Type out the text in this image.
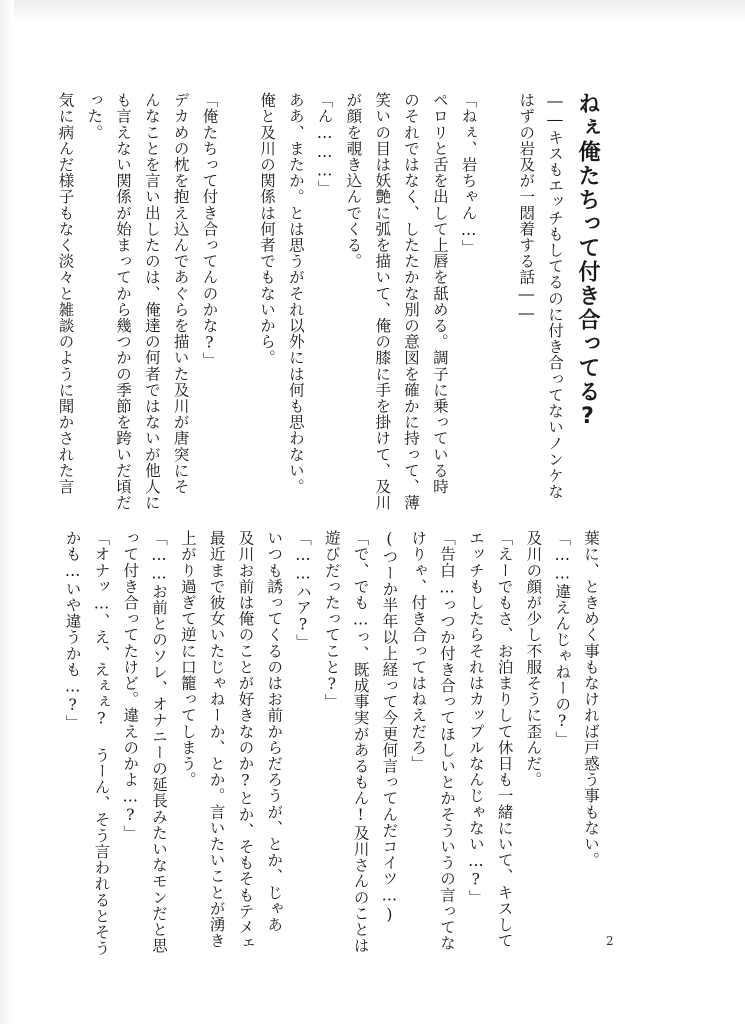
ねぇ俺たちって付き合ってる?

――キスもエッチもしてるのに付き合ってないノンケな

はずの岩及が一悶着する話――

「ねぇ、岩ちゃん…」

ペロリと舌を出して上唇を舐める。調子に乗っている時

のそれではなく、したたかな別の意図を確かに持って、薄

笑いの目は妖艶に弧を描いて、俺の膝に手を掛けて、及川

が顔を覗き込んでくる。

「ん………」

ああ、またか。とは思うがそれ以外には何も思わない。

俺と及川の関係は何者でもないから。

「俺たちって付き合ってんのかな?」

デカめの枕を抱え込んであぐらを描いた及川が唐突にそ

んなことを言い出したのは、俺達の何者ではないが他人に

も言えない関係が始まってから幾つかの季節を跨いだ頃だ

った。

気に病んだ様子もなく淡々と雑談のように聞かされた言

葉に、ときめく事もなければ戸惑う事もない。

「……違えんじゃねーの?」

及川の顔が少し不服そうに歪んだ。

「えーでもさ、お泊まりして休日も一緒にいて、キスして

エッチもしたらそれはカップルなんじゃない…?」

「告白…っつか付き合ってほしいとかそういうの言ってな

けりゃ、付き合ってはねえだろ」

(つーか半年以上経って今更何言ってんだコイツ…)

「で、でも…っ、既成事実があるもん!及川さんのことは

遊びだったってこと?」

「……ハア?」

いつも誘ってくるのはお前からだろうが、とか、じゃあ

及川お前は俺のことが好きなのか?とか、そもそもテメェ

最近まで彼女いたじゃねーか、とか。言いたいことが湧き

上がり過ぎて逆に口籠ってしまう。

「……お前とのソレ、オナニーの延長みたいなモンだと思

って付き合ってたけど。違えのかよ…?」

「オナッ…、え、えぇぇ? うーん、そう言われるとそう

かも…いや違うかも…?」

2
